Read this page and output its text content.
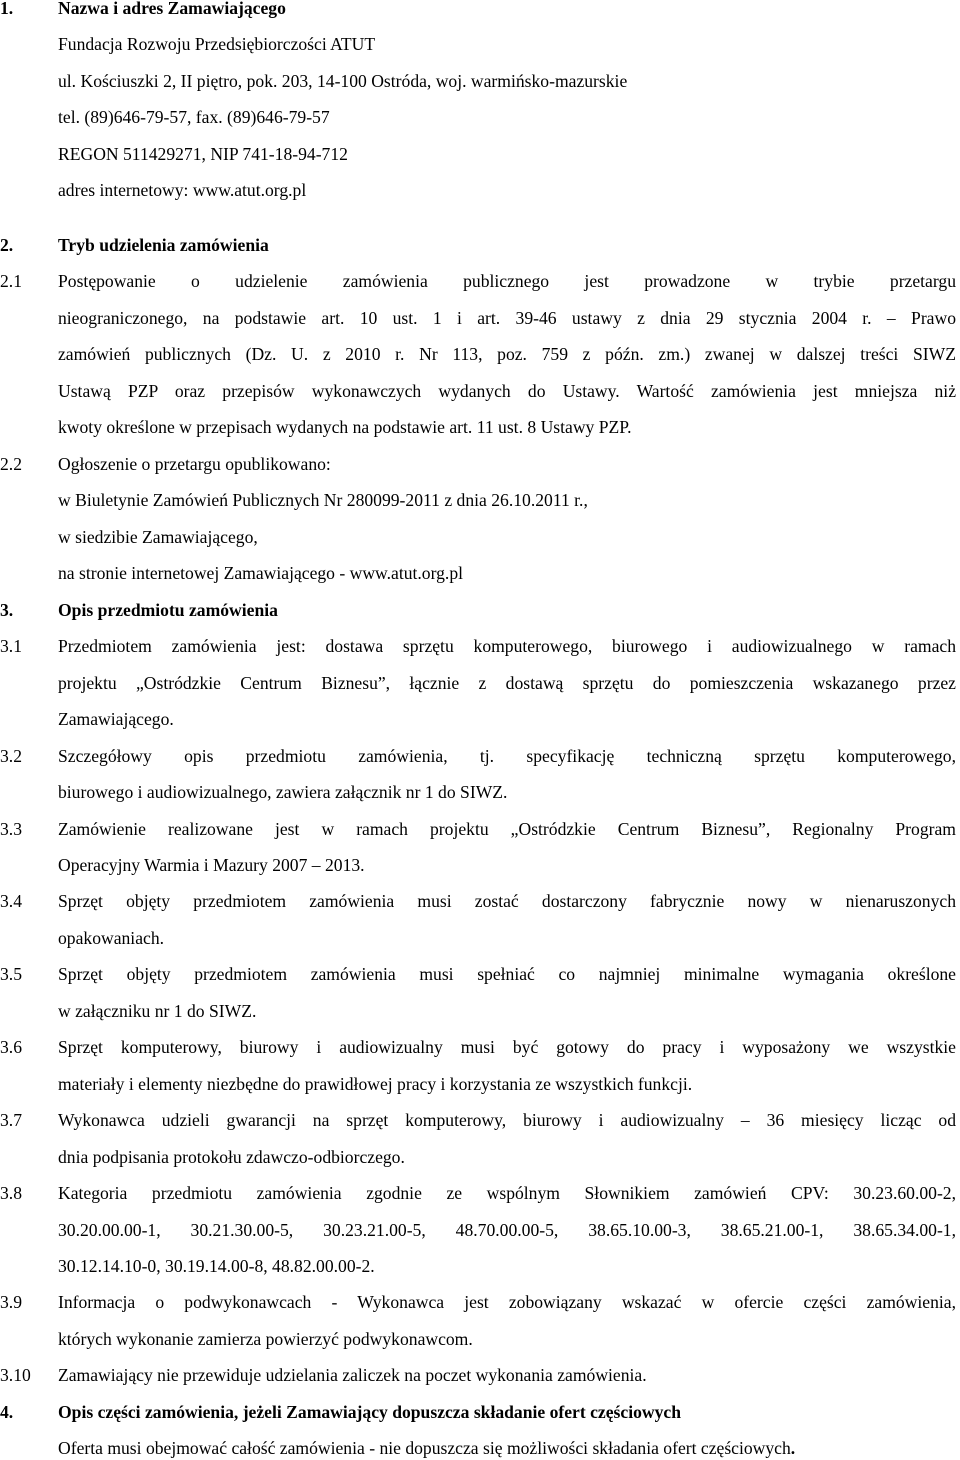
1.	Nazwa i adres Zamawiającego
Fundacja Rozwoju Przedsiębiorczości ATUT
ul. Kościuszki 2, II piętro, pok. 203, 14-100 Ostróda, woj. warmińsko-mazurskie
tel. (89)646-79-57, fax. (89)646-79-57
REGON 511429271, NIP 741-18-94-712
adres internetowy: www.atut.org.pl
2.	Tryb udzielenia zamówienia
2.1	Postępowanie o udzielenie zamówienia publicznego jest prowadzone w trybie przetargu
nieograniczonego, na podstawie art. 10 ust. 1 i art. 39-46 ustawy z dnia 29 stycznia 2004 r. – Prawo
zamówień publicznych (Dz. U. z 2010 r. Nr 113, poz. 759 z późn. zm.) zwanej w dalszej treści SIWZ
Ustawą PZP oraz przepisów wykonawczych wydanych do Ustawy. Wartość zamówienia jest mniejsza niż
kwoty określone w przepisach wydanych na podstawie art. 11 ust. 8 Ustawy PZP.
2.2	Ogłoszenie o przetargu opublikowano:
w Biuletynie Zamówień Publicznych Nr 280099-2011 z dnia 26.10.2011 r.,
w siedzibie Zamawiającego,
na stronie internetowej Zamawiającego - www.atut.org.pl
3.	Opis przedmiotu zamówienia
3.1	Przedmiotem zamówienia jest: dostawa sprzętu komputerowego, biurowego i audiowizualnego w ramach
projektu „Ostródzkie Centrum Biznesu”, łącznie z dostawą sprzętu do pomieszczenia wskazanego przez
Zamawiającego.
3.2	Szczegółowy opis przedmiotu zamówienia, tj. specyfikację techniczną sprzętu komputerowego,
biurowego i audiowizualnego, zawiera załącznik nr 1 do SIWZ.
3.3	Zamówienie realizowane jest w ramach projektu „Ostródzkie Centrum Biznesu”, Regionalny Program
Operacyjny Warmia i Mazury 2007 – 2013.
3.4	Sprzęt objęty przedmiotem zamówienia musi zostać dostarczony fabrycznie nowy w nienaruszonych
opakowaniach.
3.5	Sprzęt objęty przedmiotem zamówienia musi spełniać co najmniej minimalne wymagania określone
w załączniku nr 1 do SIWZ.
3.6	Sprzęt komputerowy, biurowy i audiowizualny musi być gotowy do pracy i wyposażony we wszystkie
materiały i elementy niezbędne do prawidłowej pracy i korzystania ze wszystkich funkcji.
3.7	Wykonawca udzieli gwarancji na sprzęt komputerowy, biurowy i audiowizualny – 36 miesięcy licząc od
dnia podpisania protokołu zdawczo-odbiorczego.
3.8	Kategoria przedmiotu zamówienia zgodnie ze wspólnym Słownikiem zamówień CPV: 30.23.60.00-2,
30.20.00.00-1, 30.21.30.00-5, 30.23.21.00-5, 48.70.00.00-5, 38.65.10.00-3, 38.65.21.00-1, 38.65.34.00-1,
30.12.14.10-0, 30.19.14.00-8, 48.82.00.00-2.
3.9	Informacja o podwykonawcach - Wykonawca jest zobowiązany wskazać w ofercie części zamówienia,
których wykonanie zamierza powierzyć podwykonawcom.
3.10	Zamawiający nie przewiduje udzielania zaliczek na poczet wykonania zamówienia.
4.	Opis części zamówienia, jeżeli Zamawiający dopuszcza składanie ofert częściowych
Oferta musi obejmować całość zamówienia - nie dopuszcza się możliwości składania ofert częściowych.
